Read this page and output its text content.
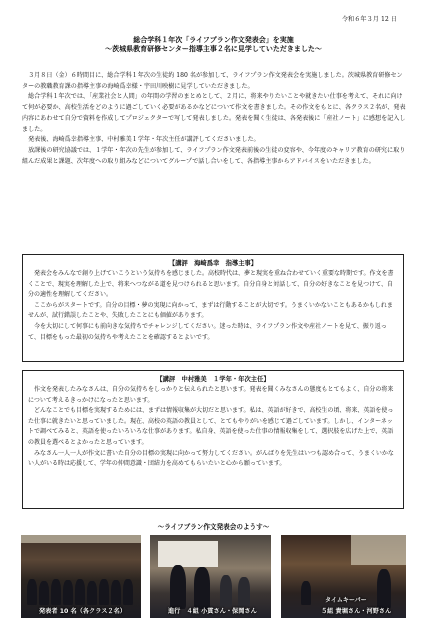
令和６年３月 12 日
総合学科１年次「ライフプラン作文発表会」を実施
～茨城県教育研修センター指導主事２名に見学していただきました～

３月８日（金）６時間目に、総合学科１年次の生徒約 180 名が参加して、ライフプラン作文発表会を実施しました。茨城県教育研修センターの教職教育課の指導主事の海崎爲幸様・宇田川映樹に見学していただきました。

総合学科１年次では、「産業社会と人間」の年間の学習のまとめとして、２月に、将来やりたいことや就きたい仕事を考えて、それに向けて何が必要か、高校生活をどのように過ごしていく必要があるかなどについて作文を書きました。その作文をもとに、各クラス２名が、発表内容にあわせて自分で資料を作成してプロジェクターで写して発表しました。発表を聞く生徒は、各発表後に「産社ノート」に感想を記入しました。

発表後、海崎爲幸指導主事、中村雅美１学年・年次主任が講評してくださいました。

放課後の研究協議では、１学年・年次の先生が参加して、ライフプラン作文発表前後の生徒の変容や、今年度のキャリア教育の研究に取り組んだ成果と課題、次年度への取り組みなどについてグループで話し合いをして、各指導主事からアドバイスをいただきました。

【講評　海崎爲幸　指導主事】

発表会をみんなで創り上げていこうという気持ちを感じました。高校時代は、夢と現実を重ね合わせていく重要な時期です。作文を書くことで、現実を理解した上で、将来へつながる道を見つけられると思います。自分自身と対話して、自分の好きなことを見つけて、自分の適性を理解してください。

ここからがスタートです。自分の目標・夢の実現に向かって、まずは行動することが大切です。うまくいかないこともあるかもしれませんが、試行錯誤したことや、失敗したことにも価値があります。

今を大切にして何事にも前向きな気持ちでチャレンジしてください。迷った時は、ライフプラン作文や産社ノートを見て、振り返って、目標をもった最初の気持ちや考えたことを確認するとよいです。

【講評　中村雅美　１学年・年次主任】

作文を発表したみなさんは、自分の気持ちをしっかりと伝えられたと思います。発表を聞くみなさんの態度もとてもよく、自分の将来について考えるきっかけになったと思います。

どんなことでも目標を実現するためには、まずは情報収集が大切だと思います。私は、英語が好きで、高校生の頃、将来、英語を使った仕事に就きたいと思っていました。現在、高校の英語の教員として、とてもやりがいを感じて過ごしています。しかし、インターネットで調べてみると、英語を使ったいろいろな仕事があります。私自身、英語を使った仕事の情報収集をして、選択肢を広げた上で、英語の教員を選べるとよかったと思っています。

みなさん一人一人が作文に書いた自分の目標の実現に向かって努力してください。がんばりを先生はいつも認め合って、うまくいかない人がいる時は応援して、学年の仲間意識・団結力を高めてもらいたいと心から願っています。

～ライフプラン作文発表会のようす～
発表者 10 名（各クラス２名）	進行　４組 小貫さん・保岡さん
タイムキーパー
５組 貴堀さん・河野さん
